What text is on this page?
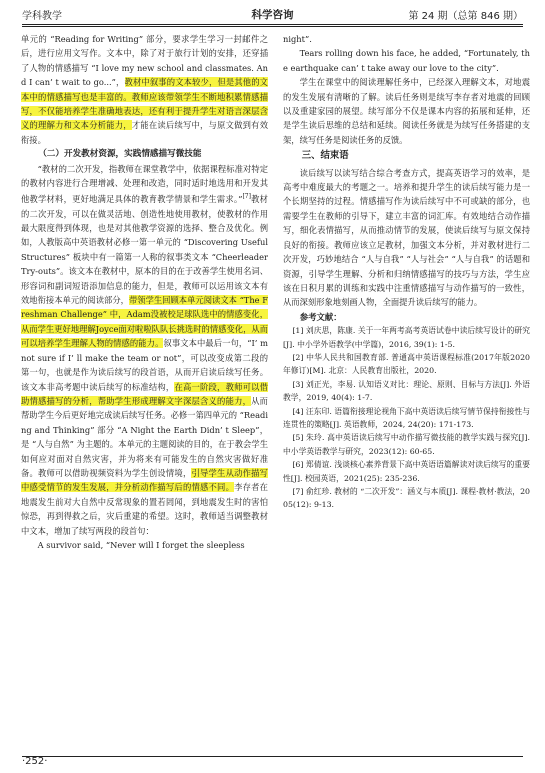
学科教学	科学咨询	第 24 期（总第 846 期）

单元的 “Reading for Writing” 部分，要求学生学习一封邮件之后，进行应用文写作。文本中，除了对于旅行计划的安排，还穿插了人物的情感描写 “I love my new school and classmates. And I can’ t wait to go...”，教材中叙事的文本较少，但是其他的文本中的情感描写也是丰富的。教师应该带领学生不断地积累情感描写，不仅能培养学生准确地表达，还有利于提升学生对语言深层含义的理解力和文本分析能力，才能在读后续写中，与原文做到有效衔接。

（二）开发教材资源，实践情感描写微技能

“教材的二次开发，指教师在课堂教学中，依据课程标准对特定的教材内容进行合理增减、处理和改造，同时适时地选用和开发其他教学材料，更好地满足具体的教育教学情景和学生需求。”[7]教材的二次开发，可以在做灵活地、创造性地使用教材，使教材的作用最大限度得到体现，也是对其他教学资源的选择、整合及优化。例如，人教版高中英语教材必修一第一单元的 “Discovering Useful Structures” 板块中有一篇第一人称的叙事类文本 “Cheerleader Try-outs”。该文本在教材中，原本的目的在于改善学生使用名词、形容词和副词短语添加信息的能力，但是，教师可以运用该文本有效地衔接本单元的阅读部分，带领学生回顾本单元阅读文本 “The Freshman Challenge” 中，Adam没被校足球队选中的情感变化，从而学生更好地理解Joyce面对啦啦队队长挑选时的情感变化，从而可以培养学生理解人物的情感的能力。叙事文本中最后一句，“I’ m not sure if I’ ll make the team or not”，可以改变成第二段的第一句，也就是作为读后续写的段首语，从而开启读后续写任务。该文本非高考题中读后续写的标准结构，在高一阶段，教师可以借助情感描写的分析，帮助学生形成理解文字深层含义的能力，从而帮助学生今后更好地完成读后续写任务。必修一第四单元的 “Reading and Thinking” 部分 “A Night the Earth Didn’ t Sleep”，是 “人与自然” 为主题的。本单元的主题阅读的目的，在于教会学生如何应对面对自然灾害，并为将来有可能发生的自然灾害做好准备。教师可以借助视频资料为学生创设情境，引导学生从动作描写中感受情节的发生发展，并分析动作描写后的情感不同。李存者在地震发生前对大自然中反常现象的置若罔闻，到地震发生时的害怕惊恐，再到得救之后，灾后重建的希望。这时，教师适当调整教材中文本，增加了续写两段的段首句：

A survivor said, “Never will I forget the sleepless

night”.

Tears rolling down his face, he added, “Fortunately, the earthquake can’ t take away our love to the city”.

学生在课堂中的阅读理解任务中，已经深入理解文本，对地震的发生发展有清晰的了解。读后任务则是续写李存者对地震的回顾以及重建家园的展望。续写部分不仅是课本内容的拓展和延伸，还是学生读后思维的总结和延续。阅读任务就是为续写任务搭建的支架，续写任务是阅读任务的反馈。

三、结束语

读后续写以读写结合综合考查方式，提高英语学习的效率，是高考中难度最大的考题之一。培养和提升学生的读后续写能力是一个长期坚持的过程。情感描写作为读后续写中不可或缺的部分，也需要学生在教师的引导下，建立丰富的词汇库。有效地结合动作描写，细化表情描写，从而推动情节的发展，使读后续写与原文保持良好的衔接。教师应该立足教材，加强文本分析，并对教材进行二次开发，巧妙地结合 “人与自我” “人与社会” “人与自我” 的话题和资源，引导学生理解、分析和归纳情感描写的技巧与方法，学生应该在日积月累的训练和实践中注重情感描写与动作描写的一致性，从而深刻形象地刻画人物，全面提升读后续写的能力。

参考文献：

[1] 刘庆思，陈康. 关于一年两考高考英语试卷中读后续写设计的研究[J]. 中小学外语教学(中学篇)，2016, 39(1): 1-5.

[2] 中华人民共和国教育部. 普通高中英语课程标准(2017年版2020年修订)[M]. 北京：人民教育出版社，2020.

[3] 刘正光，李易. 认知语义对比：理论、原则、目标与方法[J]. 外语教学，2019, 40(4): 1-7.

[4] 汪东印. 语篇衔接理论视角下高中英语读后续写情节保持衔接性与连贯性的策略[J]. 英语教师，2024, 24(20): 171-173.

[5] 朱玲. 高中英语读后续写中动作描写微技能的教学实践与探究[J]. 中小学英语教学与研究，2023(12): 60-65.

[6] 郑倩谊. 浅谈核心素养背景下高中英语语篇解读对读后续写的重要性[J]. 校园英语，2021(25): 235-236.

[7] 俞红珍. 教材的 “二次开发”：涵义与本质[J]. 课程·教材·教法，2005(12): 9-13.

·252·
